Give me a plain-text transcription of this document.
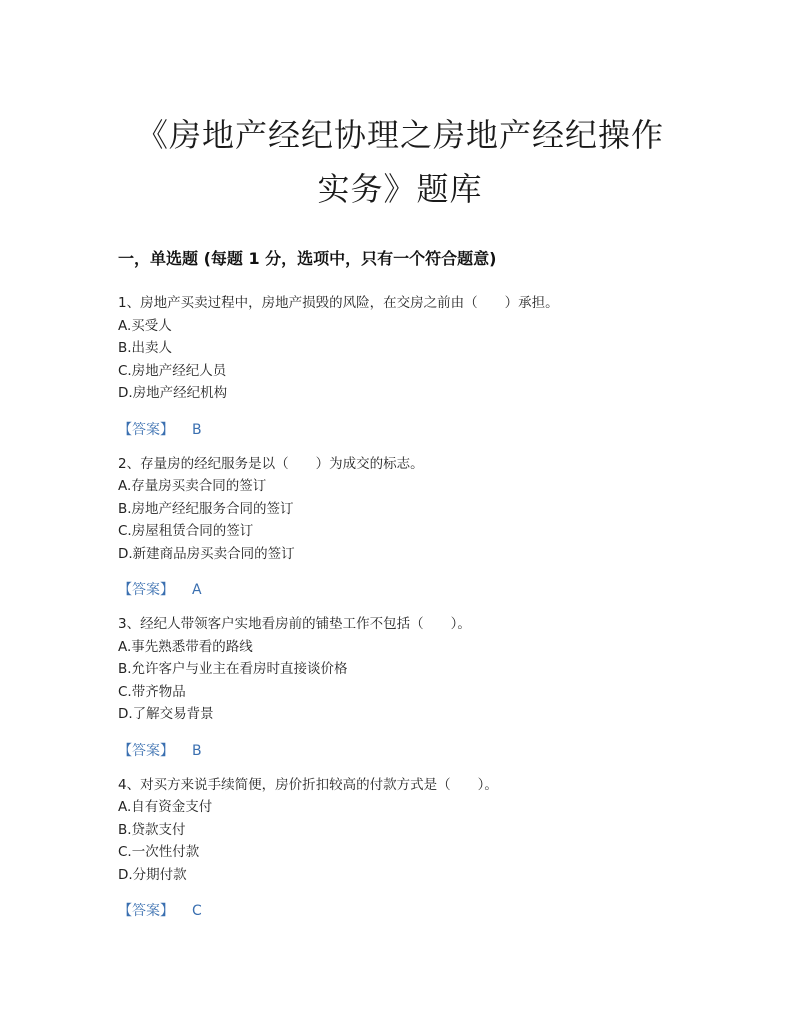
《房地产经纪协理之房地产经纪操作
实务》题库
一，单选题 (每题 1 分，选项中，只有一个符合题意)
1、房地产买卖过程中，房地产损毁的风险，在交房之前由（　　）承担。
A.买受人
B.出卖人
C.房地产经纪人员
D.房地产经纪机构
【答案】 B
2、存量房的经纪服务是以（　　）为成交的标志。
A.存量房买卖合同的签订
B.房地产经纪服务合同的签订
C.房屋租赁合同的签订
D.新建商品房买卖合同的签订
【答案】 A
3、经纪人带领客户实地看房前的铺垫工作不包括（　　）。
A.事先熟悉带看的路线
B.允许客户与业主在看房时直接谈价格
C.带齐物品
D.了解交易背景
【答案】 B
4、对买方来说手续简便，房价折扣较高的付款方式是（　　）。
A.自有资金支付
B.贷款支付
C.一次性付款
D.分期付款
【答案】 C
